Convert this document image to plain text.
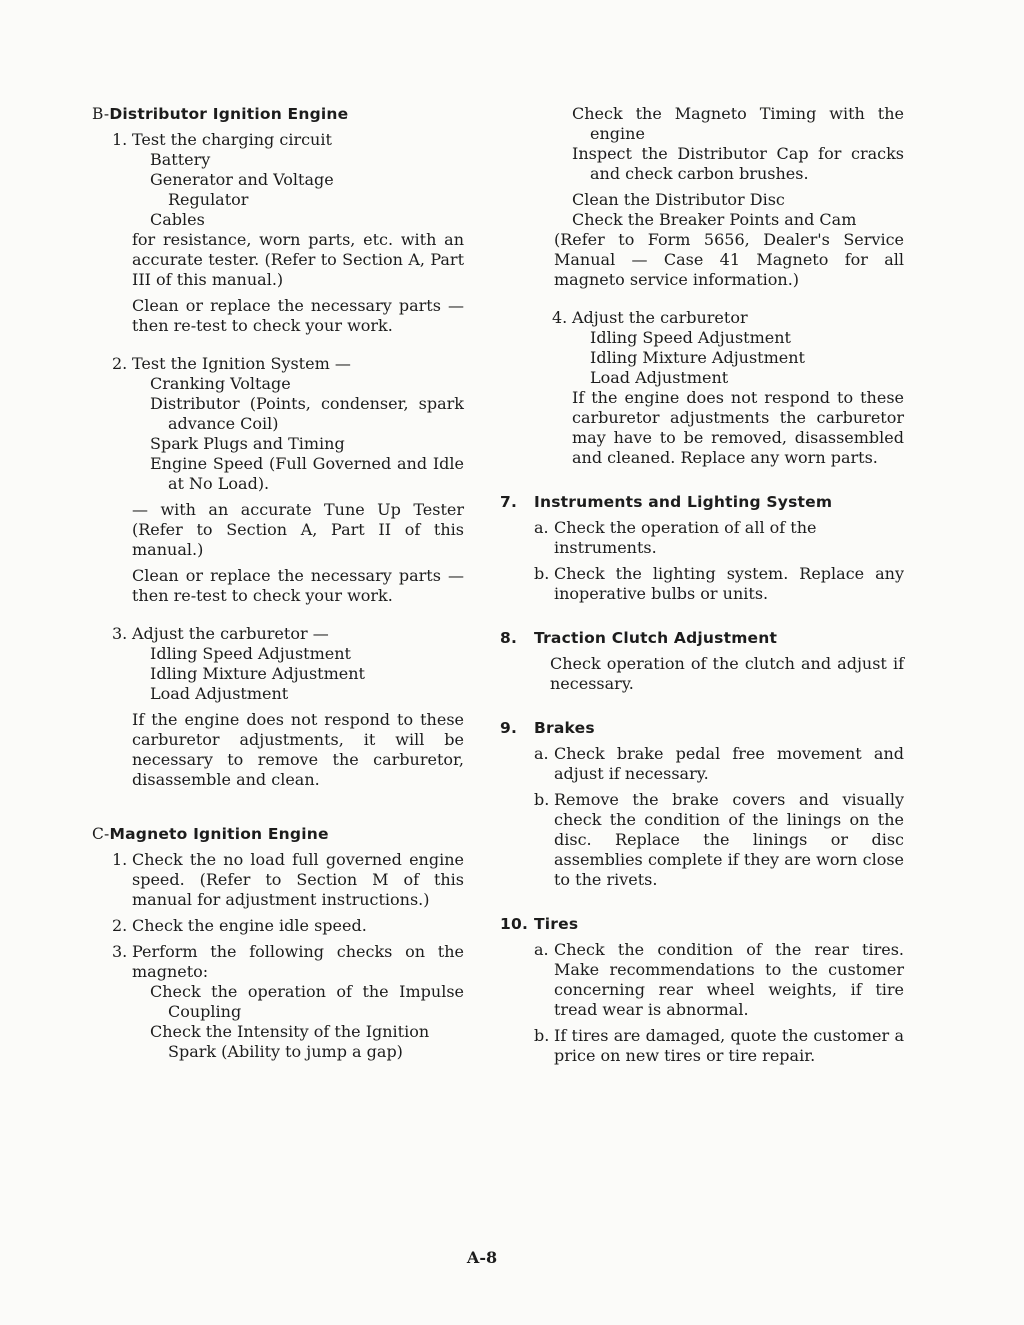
B-Distributor Ignition Engine
1. Test the charging circuit
Battery
Generator and Voltage
Regulator
Cables
for resistance, worn parts, etc. with an accurate tester. (Refer to Section A, Part III of this manual.)
Clean or replace the necessary parts — then re-test to check your work.
2. Test the Ignition System —
Cranking Voltage
Distributor (Points, condenser, spark advance Coil)
Spark Plugs and Timing
Engine Speed (Full Governed and Idle at No Load).
— with an accurate Tune Up Tester (Refer to Section A, Part II of this manual.)
Clean or replace the necessary parts — then re-test to check your work.
3. Adjust the carburetor —
Idling Speed Adjustment
Idling Mixture Adjustment
Load Adjustment
If the engine does not respond to these carburetor adjustments, it will be necessary to remove the carburetor, disassemble and clean.
C-Magneto Ignition Engine
1. Check the no load full governed engine speed. (Refer to Section M of this manual for adjustment instructions.)
2. Check the engine idle speed.
3. Perform the following checks on the magneto:
Check the operation of the Impulse Coupling
Check the Intensity of the Ignition Spark (Ability to jump a gap)
Check the Magneto Timing with the engine
Inspect the Distributor Cap for cracks and check carbon brushes.
Clean the Distributor Disc
Check the Breaker Points and Cam
(Refer to Form 5656, Dealer's Service Manual — Case 41 Magneto for all magneto service information.)
4. Adjust the carburetor
Idling Speed Adjustment
Idling Mixture Adjustment
Load Adjustment
If the engine does not respond to these carburetor adjustments the carburetor may have to be removed, disassembled and cleaned. Replace any worn parts.
7. Instruments and Lighting System
a. Check the operation of all of the instruments.
b. Check the lighting system. Replace any inoperative bulbs or units.
8. Traction Clutch Adjustment
Check operation of the clutch and adjust if necessary.
9. Brakes
a. Check brake pedal free movement and adjust if necessary.
b. Remove the brake covers and visually check the condition of the linings on the disc. Replace the linings or disc assemblies complete if they are worn close to the rivets.
10. Tires
a. Check the condition of the rear tires. Make recommendations to the customer concerning rear wheel weights, if tire tread wear is abnormal.
b. If tires are damaged, quote the customer a price on new tires or tire repair.
A-8
